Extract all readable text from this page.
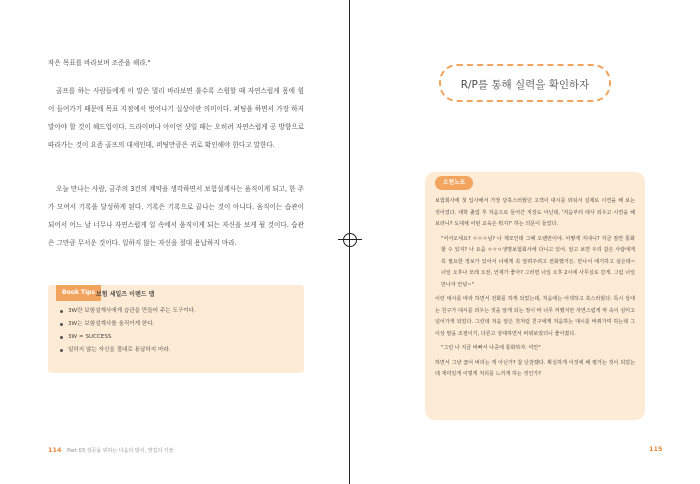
작은 목표를 바라보며 조준을 해라."

골프를 하는 사람들에게 이 말은 멀리 바라보면 불수록 스윙할 때 자연스럽게 몸에 힘이 들어가기 때문에 목표 지점에서 벗어나기 십상이란 의미이다. 퍼팅을 하면서 가장 하지 말아야 할 것이 헤드업이다. 드라이버나 아이언 샷일 때는 오히려 자연스럽게 공 방향으로 따라가는 것이 요즘 골프의 대세인데, 퍼팅만큼은 귀로 확인해야 한다고 말한다.

오늘 만나는 사람, 금주의 3건의 계약을 생각하면서 보험설계사는 움직이게 되고, 한 주가 모여서 기록을 달성하게 된다. 기록은 기록으로 끝나는 것이 아니다. 움직이는 습관이 되어서 어느 날 너무나 자연스럽게 일 속에서 움직이게 되는 자신을 보게 될 것이다. 습관은 그만큼 무서운 것이다. 일하지 않는 자신을 절대 용납하지 마라.

Book Tips 보험 세일즈 이렌드 맵
3W란 보험설계사에게 습관을 만들어 주는 도구이다.
3W는 보험설계사를 움직이게 한다.
3W = SUCCESS
일하지 않는 자신을 절대로 용납하지 마라.
114 Part 03 성공을 위하는 다음의 방식, 영업의 기술
R/P를 통해 실력을 확인하자
오현노트

보험회사에 첫 입사해서 가장 당혹스러웠던 고객이 대시를 외워서 실제로 시연을 해 보는 것이었다. 대학 졸업 후 처음으로 들어간 직장도 아닌데, '처음부터 대사 외우고 시연을 해보라니? 도대체 어떤 교육은 뭐지?' 하는 의문이 들었다.

"어서오세요? ㅇㅇㅇ님? 나 제모인데 그때 오랜만이야. 어떻게 지내니? 지금 잠깐 통화할 수 있지? 나 요즘 ㅇㅇㅇ생명보험회사에 다니고 있어. 알고 보면 우리 같은 사람에게 꼭 필요한 정보가 있어서 너에게 꼭 알려주려고 전화했거든. 만나서 얘기하고 싶은데~ 너일 오후나 모레 오전, 언제가 좋아? 그러면 너일 오후 2시에 사무실로 갈게. 그럼 너일 만나자 안녕~"

이런 대시를 따라 하면서 전화를 하게 되었는데, 처음에는 어색하고 쑥스러웠다. 특시 상대는 친구가 대시를 외우는 것을 알게 되는 정이 바 너무 저했지만 자연스럽게 막 속이 심미고 넘어가게 되었다. 그런데 처음 알은 것처럼 친구에게 처음하는 대시를 바꿔가며 하는데 그 이상 말을 조절이기, 다른고 상대하면서 바꿔보았더니 좋아졌다.

"그런 나 지금 바빠서 나중에 통화하자. 미안"

하면서 그냥 끊어 버리는 게 아닌가? 참 난감했다. 확실하게 이것에 해 평가는 것이 되었는데 재미있게 이렇게 처리를 느끼게 하는 것인가?

115
